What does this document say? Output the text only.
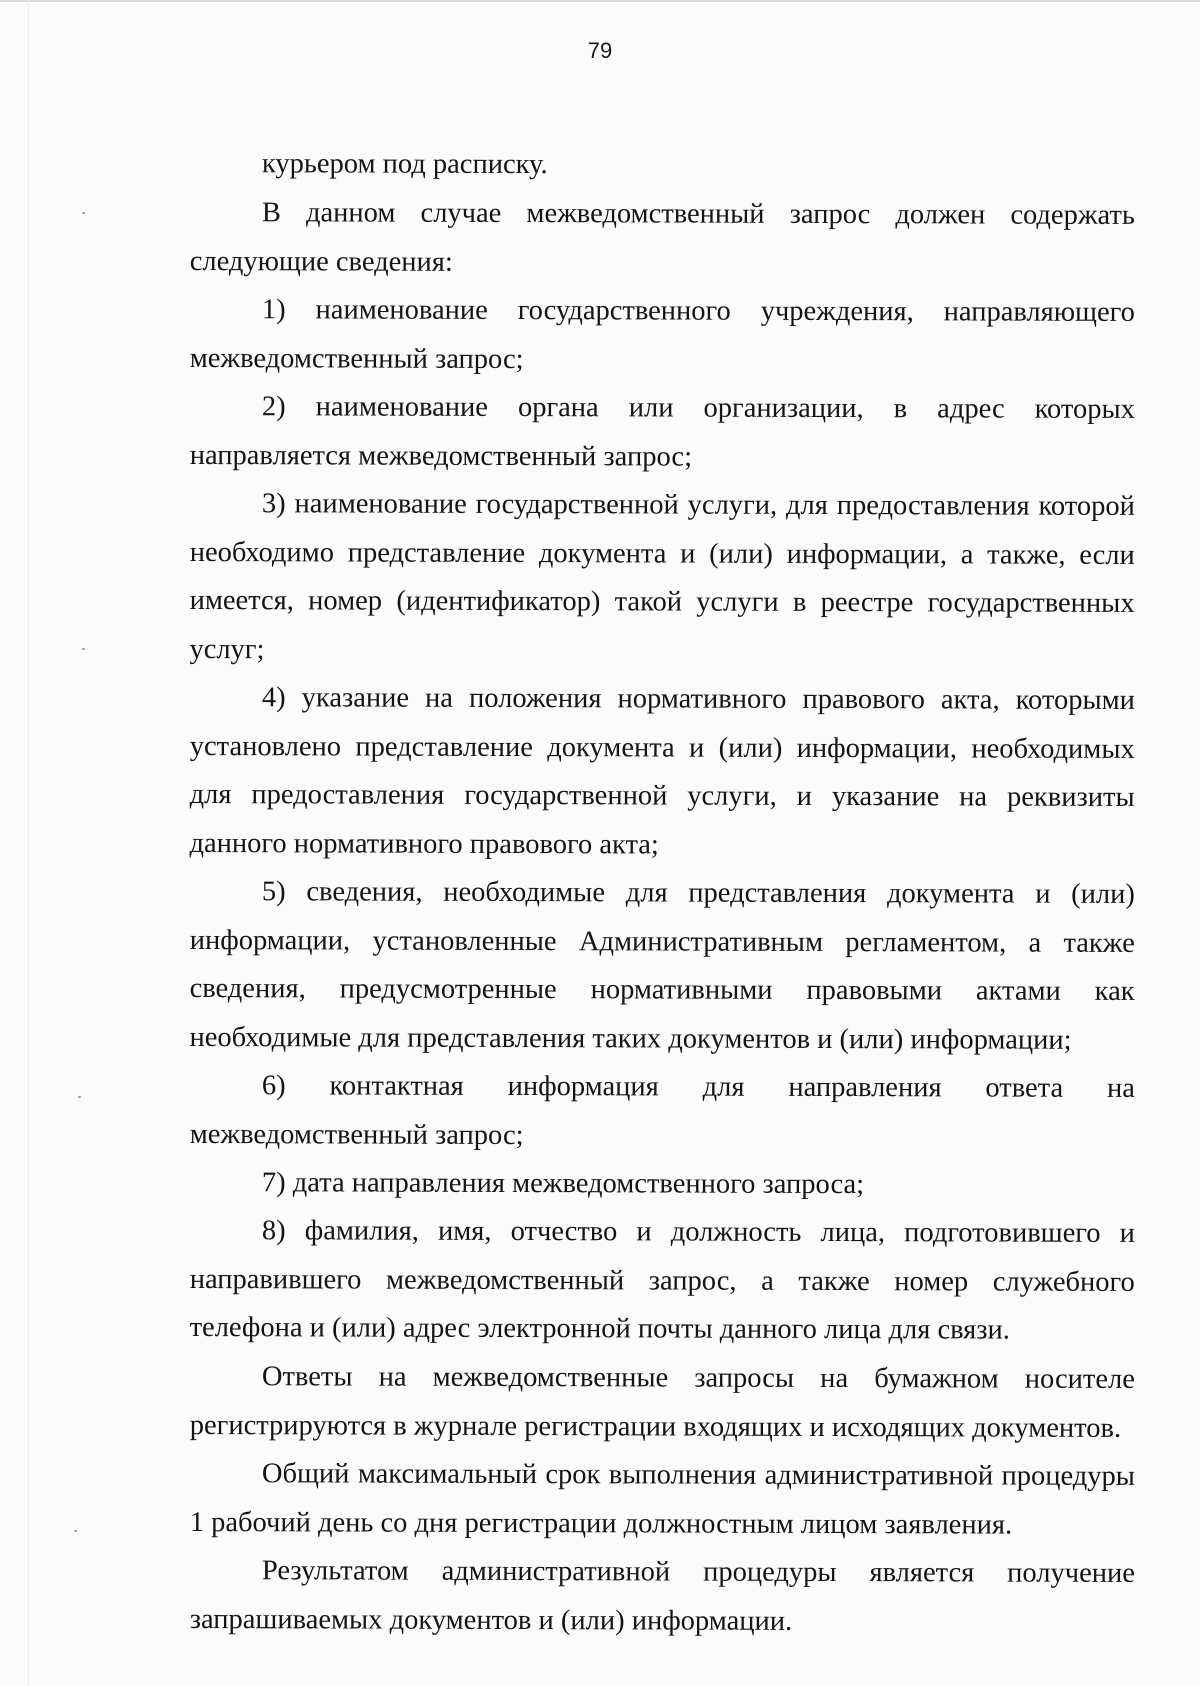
79

курьером под расписку.

В данном случае межведомственный запрос должен содержать следующие сведения:

1) наименование государственного учреждения, направляющего межведомственный запрос;

2) наименование органа или организации, в адрес которых направляется межведомственный запрос;

3) наименование государственной услуги, для предоставления которой необходимо представление документа и (или) информации, а также, если имеется, номер (идентификатор) такой услуги в реестре государственных услуг;

4) указание на положения нормативного правового акта, которыми установлено представление документа и (или) информации, необходимых для предоставления государственной услуги, и указание на реквизиты данного нормативного правового акта;

5) сведения, необходимые для представления документа и (или) информации, установленные Административным регламентом, а также сведения, предусмотренные нормативными правовыми актами как необходимые для представления таких документов и (или) информации;

6) контактная информация для направления ответа на межведомственный запрос;

7) дата направления межведомственного запроса;

8) фамилия, имя, отчество и должность лица, подготовившего и направившего межведомственный запрос, а также номер служебного телефона и (или) адрес электронной почты данного лица для связи.

Ответы на межведомственные запросы на бумажном носителе регистрируются в журнале регистрации входящих и исходящих документов.

Общий максимальный срок выполнения административной процедуры 1 рабочий день со дня регистрации должностным лицом заявления.

Результатом административной процедуры является получение запрашиваемых документов и (или) информации.
